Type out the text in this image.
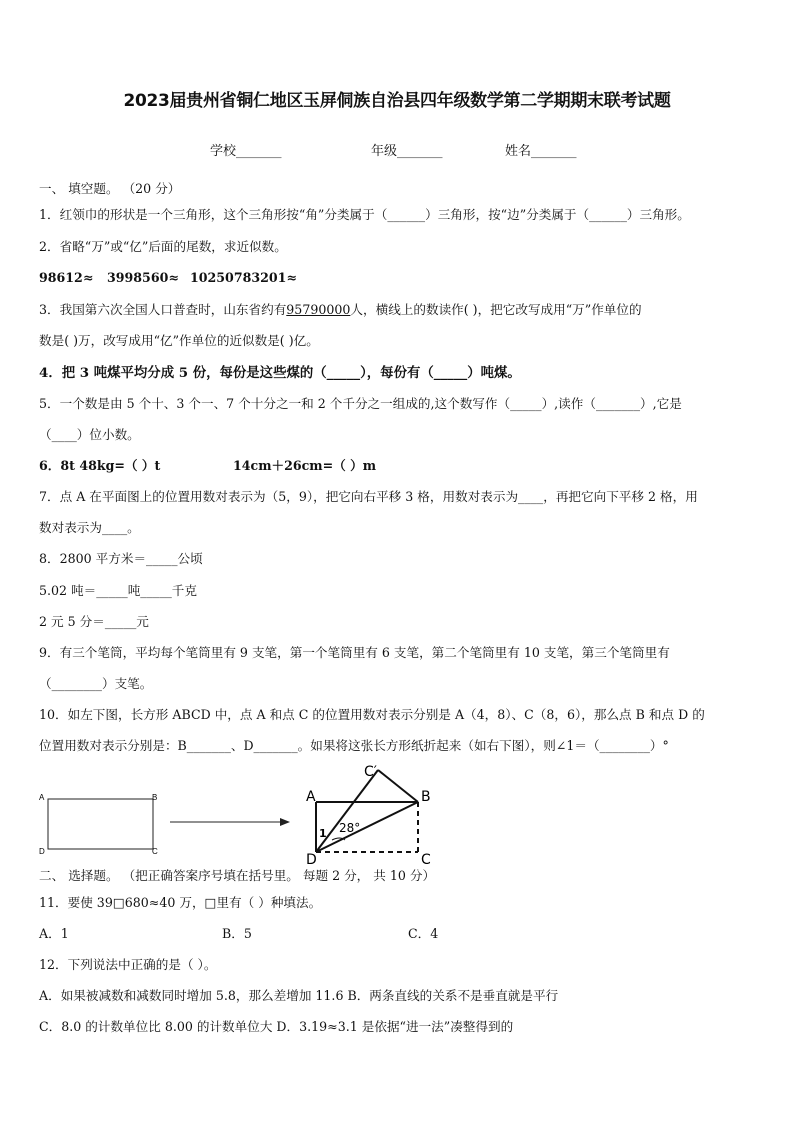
2023届贵州省铜仁地区玉屏侗族自治县四年级数学第二学期期末联考试题
学校_______	年级_______	姓名_______
一、 填空题。 （20 分）
1．红领巾的形状是一个三角形，这个三角形按“角”分类属于（______）三角形，按“边”分类属于（______）三角形。
2．省略“万”或“亿”后面的尾数，求近似数。
98612≈ 3998560≈ 10250783201≈
3．我国第六次全国人口普查时，山东省约有95790000人，横线上的数读作( )，把它改写成用“万”作单位的
数是( )万，改写成用“亿”作单位的近似数是( )亿。
4．把 3 吨煤平均分成 5 份，每份是这些煤的（_____），每份有（_____）吨煤。
5．一个数是由 5 个十、3 个一、7 个十分之一和 2 个千分之一组成的,这个数写作（_____）,读作（_______）,它是
（____）位小数。
6．8t 48kg=（ ）t	14cm＋26cm=（ ）m
7．点 A 在平面图上的位置用数对表示为（5，9），把它向右平移 3 格，用数对表示为____，再把它向下平移 2 格，用
数对表示为____。
8．2800 平方米＝_____公顷
5.02 吨＝_____吨_____千克
2 元 5 分＝_____元
9．有三个笔筒，平均每个笔筒里有 9 支笔，第一个笔筒里有 6 支笔，第二个笔筒里有 10 支笔，第三个笔筒里有
（________）支笔。
10．如左下图，长方形 ABCD 中，点 A 和点 C 的位置用数对表示分别是 A（4，8）、C（8，6），那么点 B 和点 D 的
位置用数对表示分别是：B_______、D_______。如果将这张长方形纸折起来（如右下图），则∠1＝（________）°
A	B
D	C
A	B
C′
D	C
1 28°
二、 选择题。 （把正确答案序号填在括号里。 每题 2 分， 共 10 分）
11．要使 39□680≈40 万，□里有（ ）种填法。
A．1	B．5	C．4
12．下列说法中正确的是（ ）。
A．如果被减数和减数同时增加 5.8，那么差增加 11.6 B．两条直线的关系不是垂直就是平行
C．8.0 的计数单位比 8.00 的计数单位大 D．3.19≈3.1 是依据“进一法”凑整得到的
